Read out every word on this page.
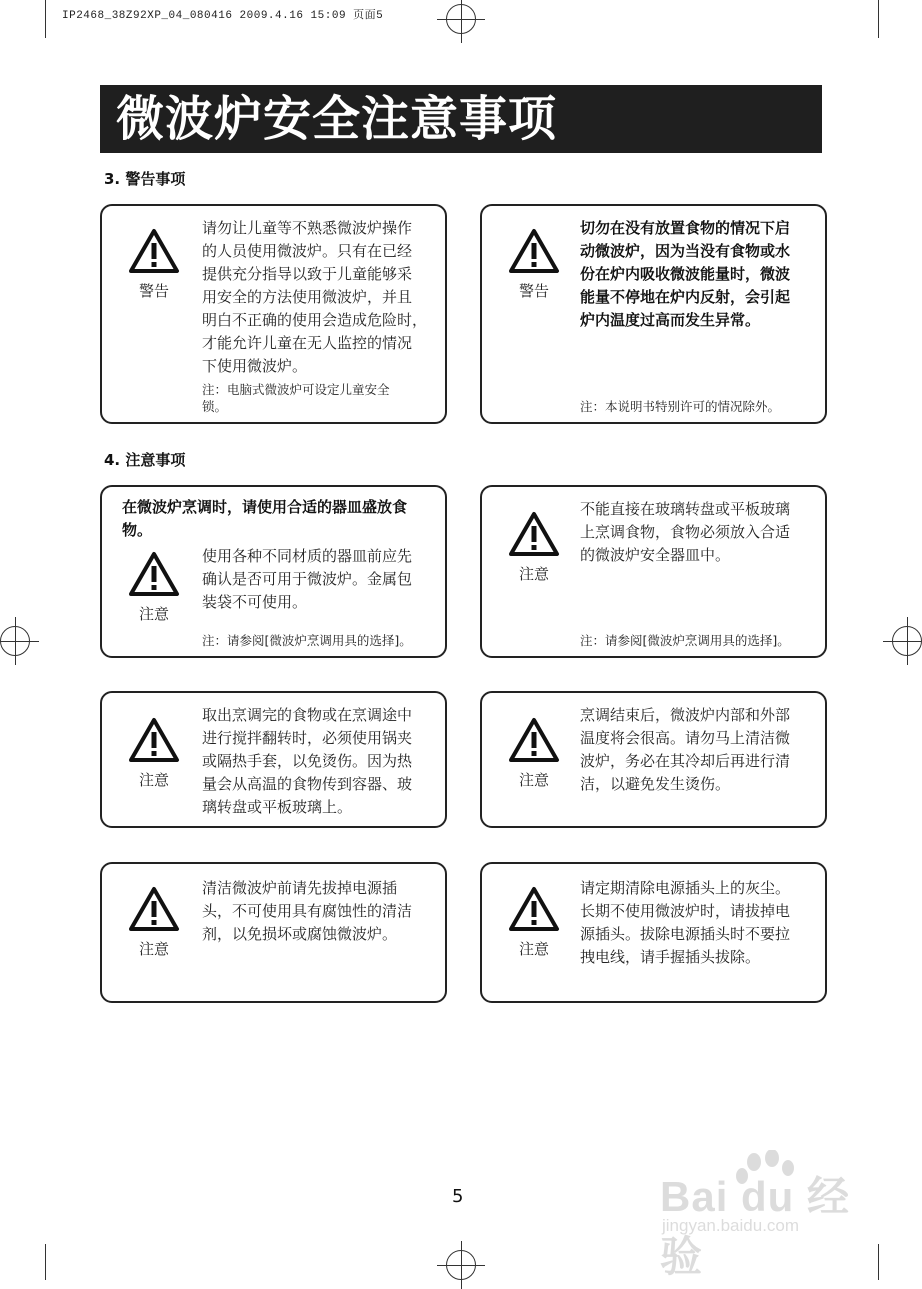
IP2468_38Z92XP_04_080416 2009.4.16 15:09 页面5
微波炉安全注意事项
3. 警告事项
警告
请勿让儿童等不熟悉微波炉操作
的人员使用微波炉。只有在已经
提供充分指导以致于儿童能够采
用安全的方法使用微波炉，并且
明白不正确的使用会造成危险时，
才能允许儿童在无人监控的情况
下使用微波炉。
注：电脑式微波炉可设定儿童安全
锁。
警告
切勿在没有放置食物的情况下启
动微波炉，因为当没有食物或水
份在炉内吸收微波能量时，微波
能量不停地在炉内反射，会引起
炉内温度过高而发生异常。
注：本说明书特别许可的情况除外。
4. 注意事项
在微波炉烹调时，请使用合适的器皿盛放食
物。
注意
使用各种不同材质的器皿前应先
确认是否可用于微波炉。金属包
装袋不可使用。
注：请参阅[微波炉烹调用具的选择]。
注意
不能直接在玻璃转盘或平板玻璃
上烹调食物，食物必须放入合适
的微波炉安全器皿中。
注：请参阅[微波炉烹调用具的选择]。
注意
取出烹调完的食物或在烹调途中
进行搅拌翻转时，必须使用锅夹
或隔热手套，以免烫伤。因为热
量会从高温的食物传到容器、玻
璃转盘或平板玻璃上。
注意
烹调结束后，微波炉内部和外部
温度将会很高。请勿马上清洁微
波炉，务必在其冷却后再进行清
洁，以避免发生烫伤。
注意
清洁微波炉前请先拔掉电源插
头，不可使用具有腐蚀性的清洁
剂，以免损坏或腐蚀微波炉。
注意
请定期清除电源插头上的灰尘。
长期不使用微波炉时，请拔掉电
源插头。拔除电源插头时不要拉
拽电线，请手握插头拔除。
5	Bai du 经验
jingyan.baidu.com
